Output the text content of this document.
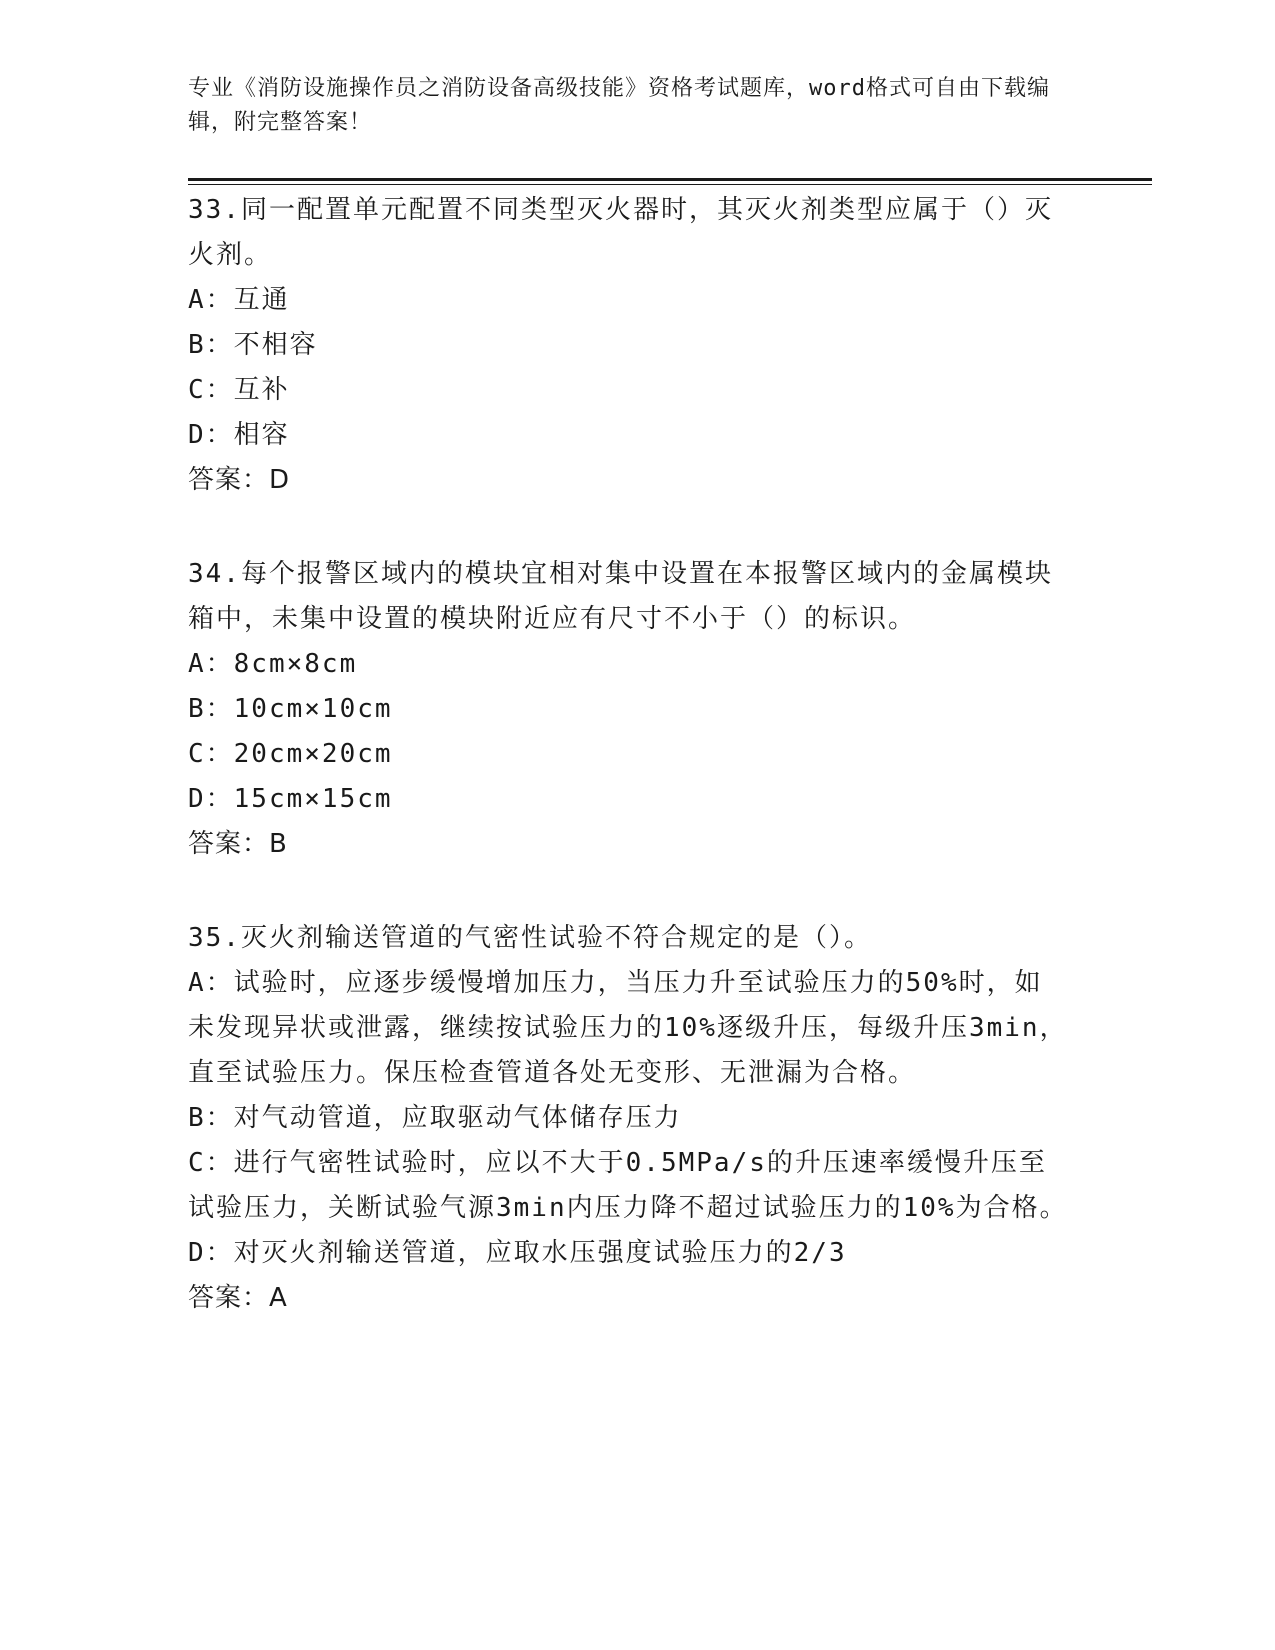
专业《消防设施操作员之消防设备高级技能》资格考试题库，word格式可自由下载编辑，附完整答案！
33.同一配置单元配置不同类型灭火器时，其灭火剂类型应属于（）灭火剂。
A：互通
B：不相容
C：互补
D：相容
答案：D
34.每个报警区域内的模块宜相对集中设置在本报警区域内的金属模块箱中，未集中设置的模块附近应有尺寸不小于（）的标识。
A：8cm×8cm
B：10cm×10cm
C：20cm×20cm
D：15cm×15cm
答案：B
35.灭火剂输送管道的气密性试验不符合规定的是（）。
A：试验时，应逐步缓慢增加压力，当压力升至试验压力的50%时，如未发现异状或泄露，继续按试验压力的10%逐级升压，每级升压3min，直至试验压力。保压检查管道各处无变形、无泄漏为合格。
B：对气动管道，应取驱动气体储存压力
C：进行气密牲试验时，应以不大于0.5MPa/s的升压速率缓慢升压至试验压力，关断试验气源3min内压力降不超过试验压力的10%为合格。
D：对灭火剂输送管道，应取水压强度试验压力的2/3
答案：A
